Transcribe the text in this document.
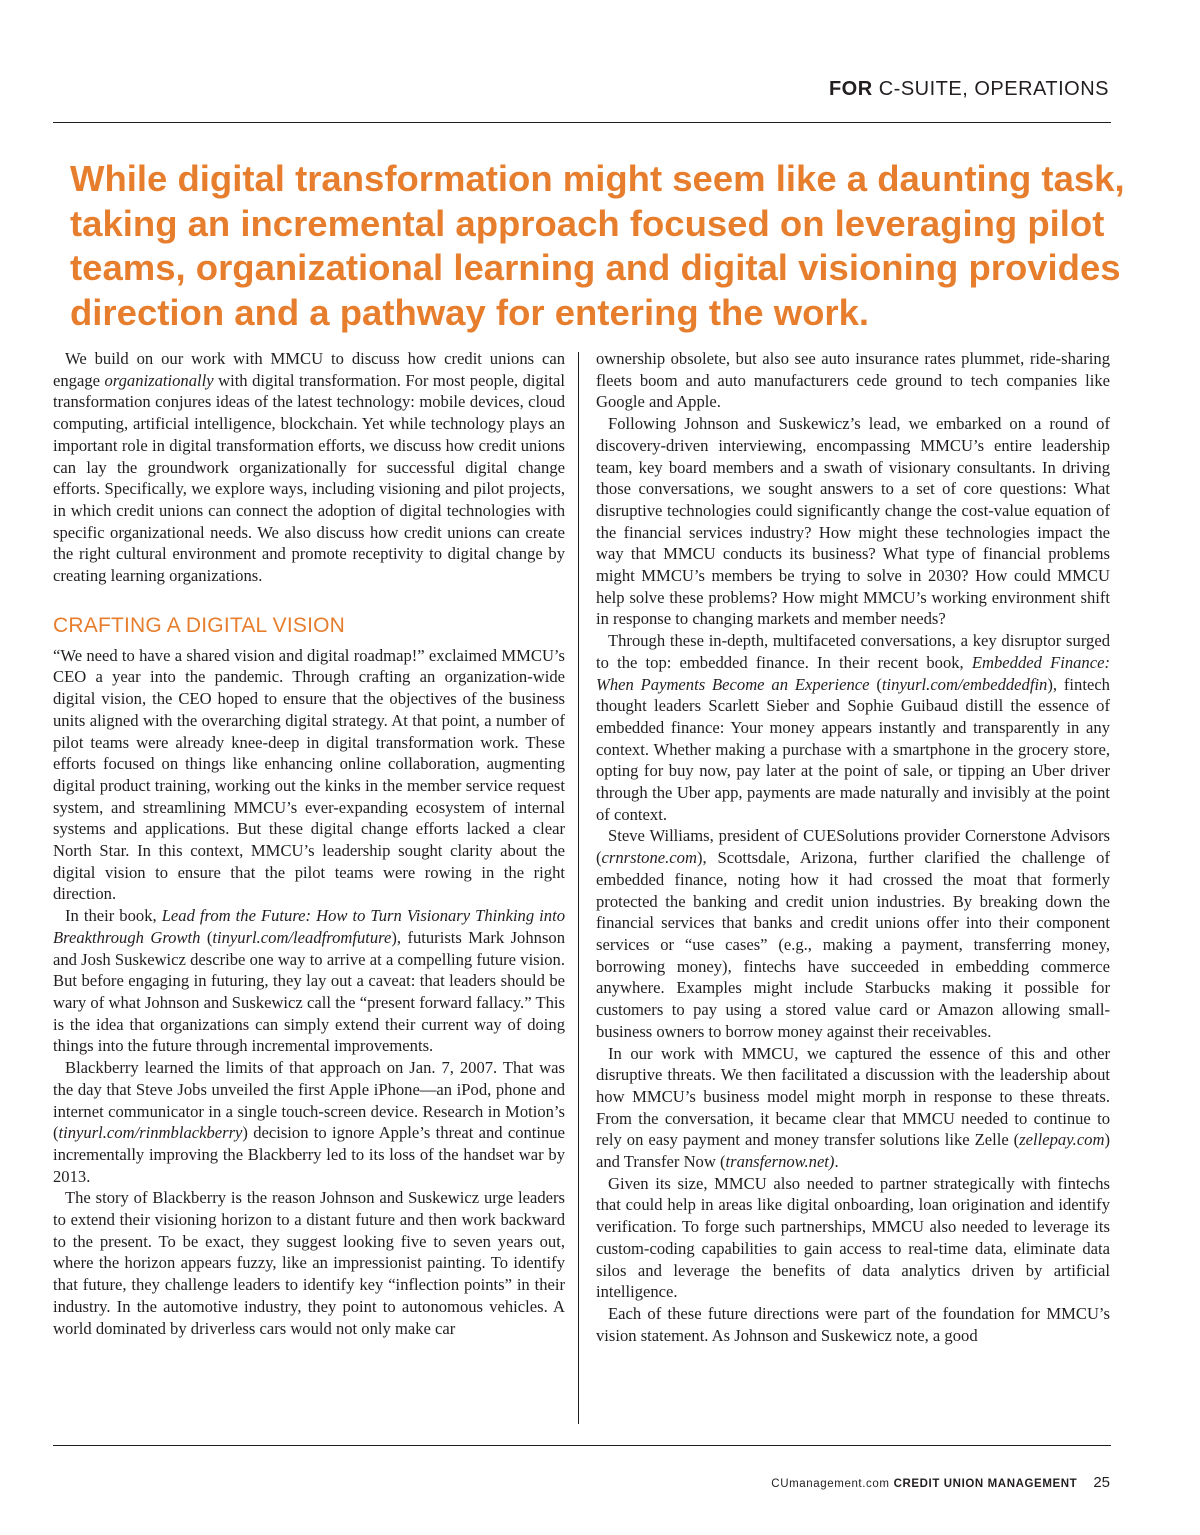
FOR C-SUITE, OPERATIONS
While digital transformation might seem like a daunting task, taking an incremental approach focused on leveraging pilot teams, organizational learning and digital visioning provides direction and a pathway for entering the work.

We build on our work with MMCU to discuss how credit unions can engage organizationally with digital transformation. For most people, digital transformation conjures ideas of the latest technology: mobile devices, cloud computing, artificial intelligence, blockchain. Yet while technology plays an important role in digital transformation efforts, we discuss how credit unions can lay the groundwork organizationally for successful digital change efforts. Specifically, we explore ways, including visioning and pilot projects, in which credit unions can connect the adoption of digital technologies with specific organizational needs. We also discuss how credit unions can create the right cultural environment and promote receptivity to digital change by creating learning organizations.

CRAFTING A DIGITAL VISION

“We need to have a shared vision and digital roadmap!” exclaimed MMCU’s CEO a year into the pandemic. Through crafting an organization-wide digital vision, the CEO hoped to ensure that the objectives of the business units aligned with the overarching digital strategy. At that point, a number of pilot teams were already knee-deep in digital transformation work. These efforts focused on things like enhancing online collaboration, augmenting digital product training, working out the kinks in the member service request system, and streamlining MMCU’s ever-expanding ecosystem of internal systems and applications. But these digital change efforts lacked a clear North Star. In this context, MMCU’s leadership sought clarity about the digital vision to ensure that the pilot teams were rowing in the right direction.

In their book, Lead from the Future: How to Turn Visionary Thinking into Breakthrough Growth (tinyurl.com/leadfromfuture), futurists Mark Johnson and Josh Suskewicz describe one way to arrive at a compelling future vision. But before engaging in futuring, they lay out a caveat: that leaders should be wary of what Johnson and Suskewicz call the “present forward fallacy.” This is the idea that organizations can simply extend their current way of doing things into the future through incremental improvements.

Blackberry learned the limits of that approach on Jan. 7, 2007. That was the day that Steve Jobs unveiled the first Apple iPhone—an iPod, phone and internet communicator in a single touch-screen device. Research in Motion’s (tinyurl.com/rinmblackberry) decision to ignore Apple’s threat and continue incrementally improving the Blackberry led to its loss of the handset war by 2013.

The story of Blackberry is the reason Johnson and Suskewicz urge leaders to extend their visioning horizon to a distant future and then work backward to the present. To be exact, they suggest looking five to seven years out, where the horizon appears fuzzy, like an impressionist painting. To identify that future, they challenge leaders to identify key “inflection points” in their industry. In the automotive industry, they point to autonomous vehicles. A world dominated by driverless cars would not only make car

ownership obsolete, but also see auto insurance rates plummet, ride-sharing fleets boom and auto manufacturers cede ground to tech companies like Google and Apple.

Following Johnson and Suskewicz’s lead, we embarked on a round of discovery-driven interviewing, encompassing MMCU’s entire leadership team, key board members and a swath of visionary consultants. In driving those conversations, we sought answers to a set of core questions: What disruptive technologies could significantly change the cost-value equation of the financial services industry? How might these technologies impact the way that MMCU conducts its business? What type of financial problems might MMCU’s members be trying to solve in 2030? How could MMCU help solve these problems? How might MMCU’s working environment shift in response to changing markets and member needs?

Through these in-depth, multifaceted conversations, a key disruptor surged to the top: embedded finance. In their recent book, Embedded Finance: When Payments Become an Experience (tinyurl.com/embeddedfin), fintech thought leaders Scarlett Sieber and Sophie Guibaud distill the essence of embedded finance: Your money appears instantly and transparently in any context. Whether making a purchase with a smartphone in the grocery store, opting for buy now, pay later at the point of sale, or tipping an Uber driver through the Uber app, payments are made naturally and invisibly at the point of context.

Steve Williams, president of CUESolutions provider Cornerstone Advisors (crnrstone.com), Scottsdale, Arizona, further clarified the challenge of embedded finance, noting how it had crossed the moat that formerly protected the banking and credit union industries. By breaking down the financial services that banks and credit unions offer into their component services or “use cases” (e.g., making a payment, transferring money, borrowing money), fintechs have succeeded in embedding commerce anywhere. Examples might include Starbucks making it possible for customers to pay using a stored value card or Amazon allowing small-business owners to borrow money against their receivables.

In our work with MMCU, we captured the essence of this and other disruptive threats. We then facilitated a discussion with the leadership about how MMCU’s business model might morph in response to these threats. From the conversation, it became clear that MMCU needed to continue to rely on easy payment and money transfer solutions like Zelle (zellepay.com) and Transfer Now (transfernow.net).

Given its size, MMCU also needed to partner strategically with fintechs that could help in areas like digital onboarding, loan origination and identify verification. To forge such partnerships, MMCU also needed to leverage its custom-coding capabilities to gain access to real-time data, eliminate data silos and leverage the benefits of data analytics driven by artificial intelligence.

Each of these future directions were part of the foundation for MMCU’s vision statement. As Johnson and Suskewicz note, a good

CUmanagement.com CREDIT UNION MANAGEMENT 25
